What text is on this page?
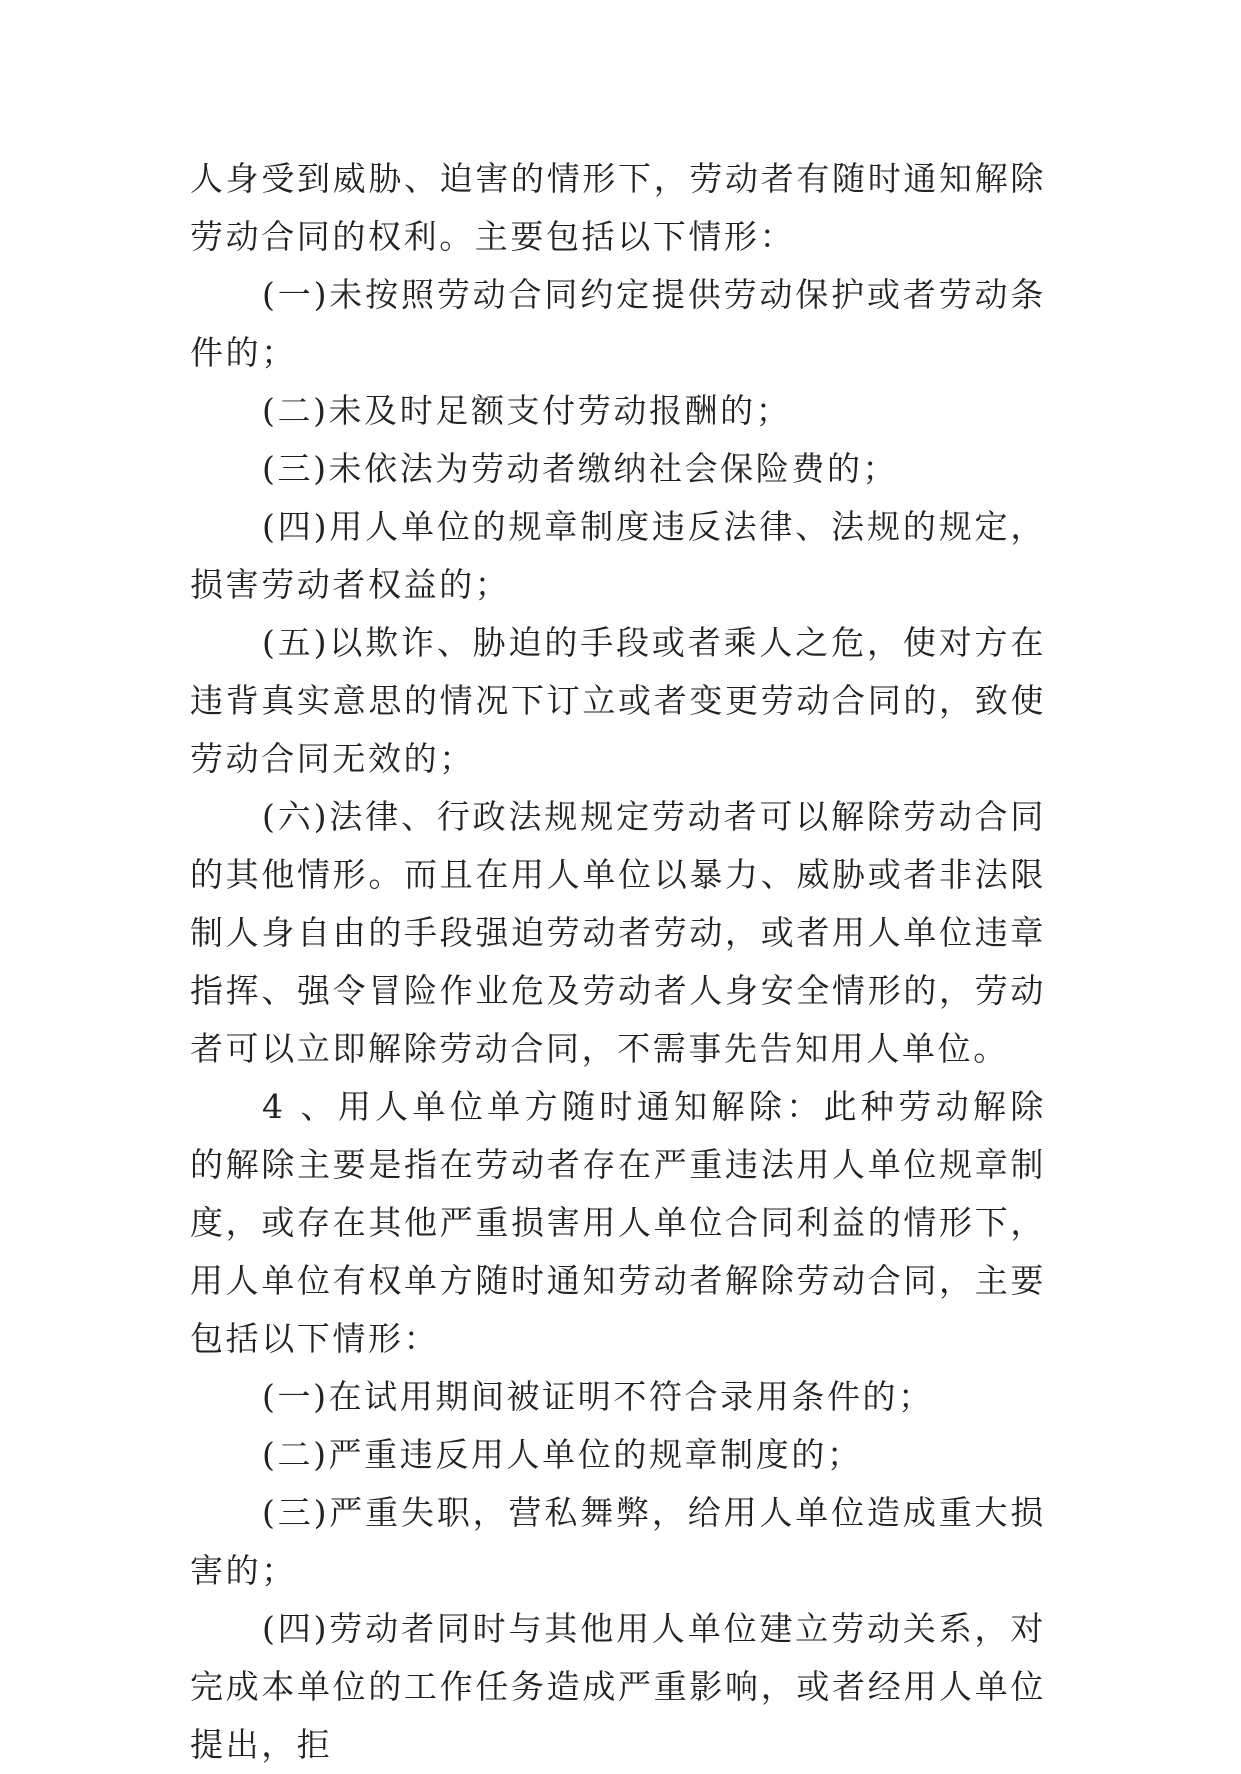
人身受到威胁、迫害的情形下，劳动者有随时通知解除劳动合同的权利。主要包括以下情形：

(一)未按照劳动合同约定提供劳动保护或者劳动条件的；

(二)未及时足额支付劳动报酬的；

(三)未依法为劳动者缴纳社会保险费的；

(四)用人单位的规章制度违反法律、法规的规定，损害劳动者权益的；

(五)以欺诈、胁迫的手段或者乘人之危，使对方在违背真实意思的情况下订立或者变更劳动合同的，致使劳动合同无效的；

(六)法律、行政法规规定劳动者可以解除劳动合同的其他情形。而且在用人单位以暴力、威胁或者非法限制人身自由的手段强迫劳动者劳动，或者用人单位违章指挥、强令冒险作业危及劳动者人身安全情形的，劳动者可以立即解除劳动合同，不需事先告知用人单位。

4 、用人单位单方随时通知解除：此种劳动解除的解除主要是指在劳动者存在严重违法用人单位规章制度，或存在其他严重损害用人单位合同利益的情形下，用人单位有权单方随时通知劳动者解除劳动合同，主要包括以下情形：

(一)在试用期间被证明不符合录用条件的；

(二)严重违反用人单位的规章制度的；

(三)严重失职，营私舞弊，给用人单位造成重大损害的；

(四)劳动者同时与其他用人单位建立劳动关系，对完成本单位的工作任务造成严重影响，或者经用人单位提出，拒
